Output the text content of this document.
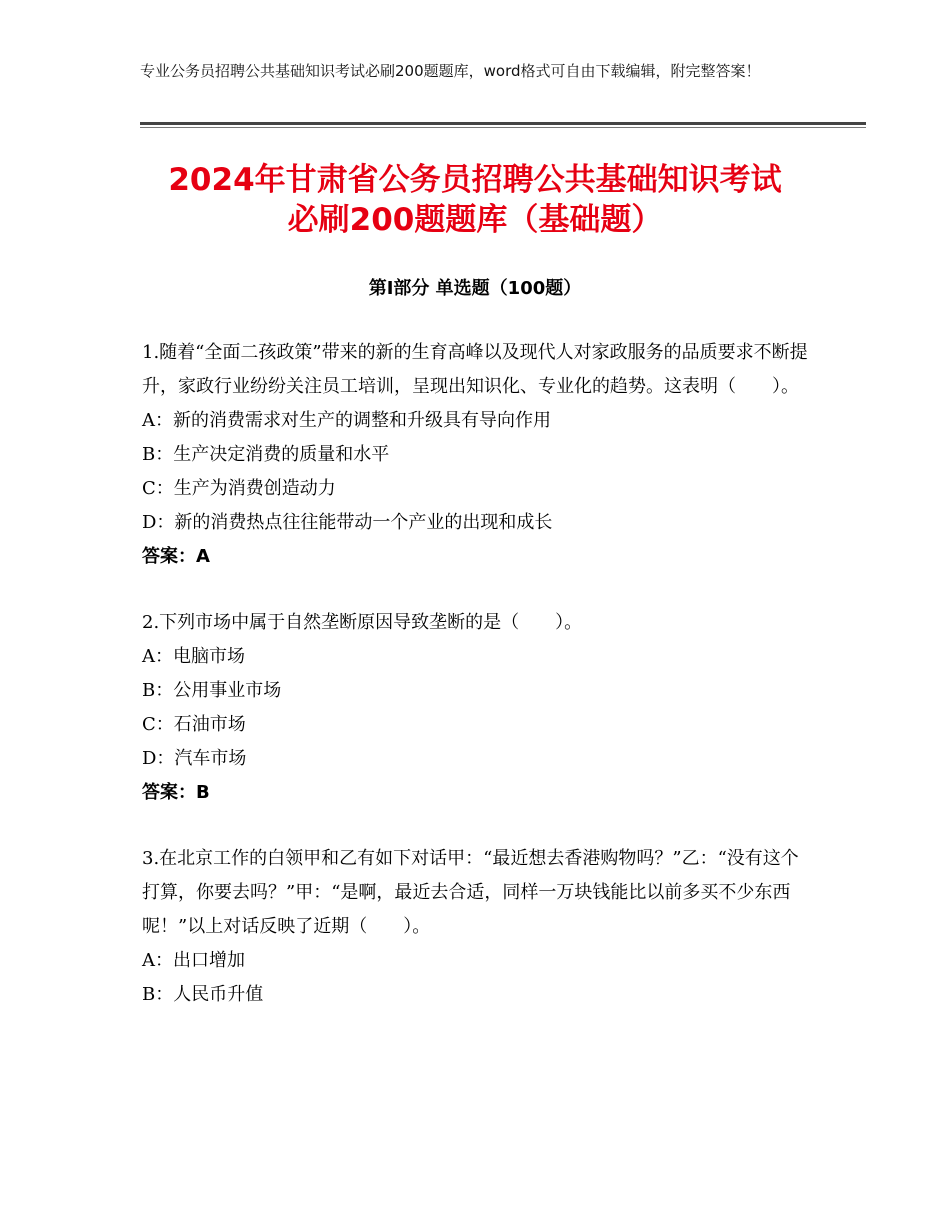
专业公务员招聘公共基础知识考试必刷200题题库，word格式可自由下载编辑，附完整答案！
2024年甘肃省公务员招聘公共基础知识考试
必刷200题题库（基础题）
第Ⅰ部分 单选题（100题）

1.随着“全面二孩政策”带来的新的生育高峰以及现代人对家政服务的品质要求不断提升，家政行业纷纷关注员工培训，呈现出知识化、专业化的趋势。这表明（　　）。

A：新的消费需求对生产的调整和升级具有导向作用

B：生产决定消费的质量和水平

C：生产为消费创造动力

D：新的消费热点往往能带动一个产业的出现和成长

答案：A

2.下列市场中属于自然垄断原因导致垄断的是（　　）。

A：电脑市场

B：公用事业市场

C：石油市场

D：汽车市场

答案：B

3.在北京工作的白领甲和乙有如下对话甲：“最近想去香港购物吗？”乙：“没有这个打算，你要去吗？”甲：“是啊，最近去合适，同样一万块钱能比以前多买不少东西呢！”以上对话反映了近期（　　）。

A：出口增加

B：人民币升值
